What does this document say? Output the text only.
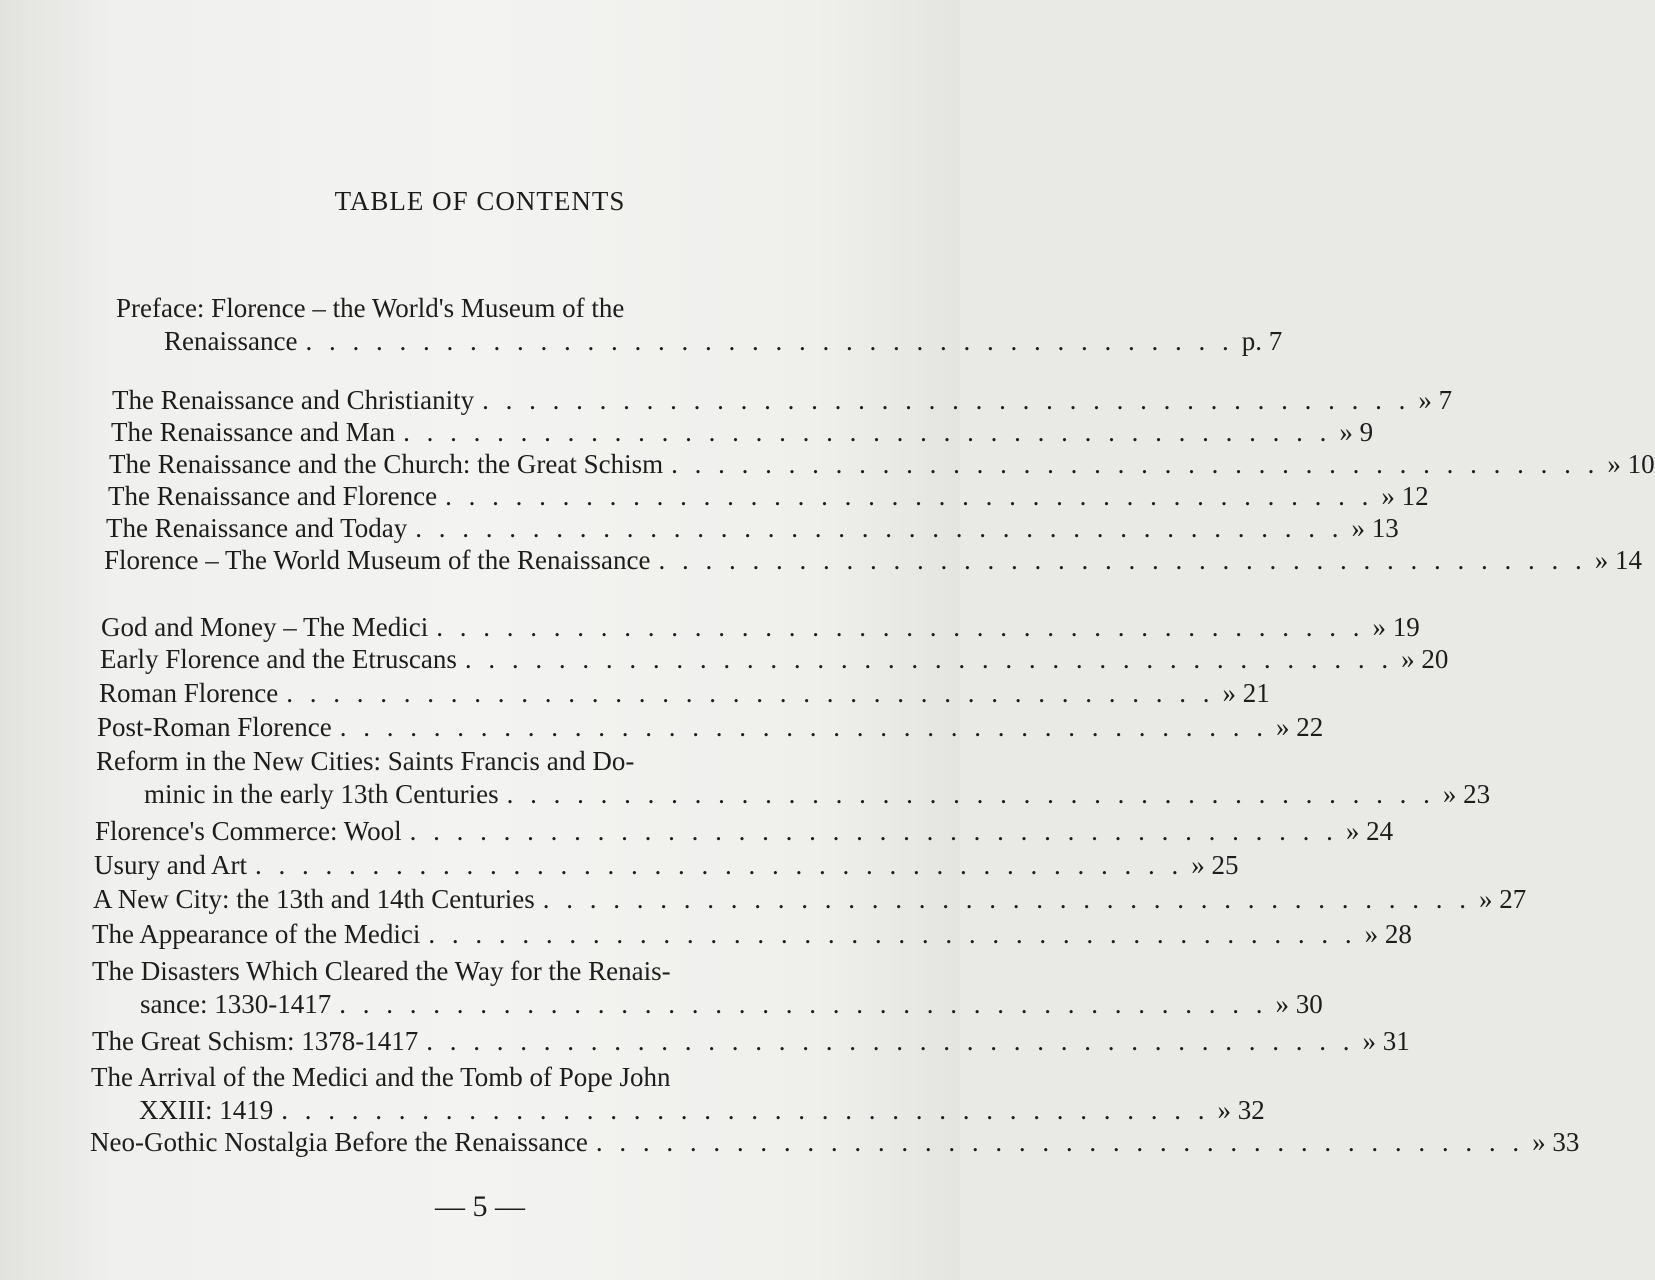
TABLE OF CONTENTS
Preface: Florence – the World's Museum of the
Renaissance . . . . . . . . . . . . . . . . . . . . . . . . . . . . . . . . . . . . . . . . p. 7
The Renaissance and Christianity . . . . . . . . . . . . . . . . . . . . . . . . . . . . . . . . . . . . . . . . » 7
The Renaissance and Man . . . . . . . . . . . . . . . . . . . . . . . . . . . . . . . . . . . . . . . . » 9
The Renaissance and the Church: the Great Schism . . . . . . . . . . . . . . . . . . . . . . . . . . . . . . . . . . . . . . . . » 10
The Renaissance and Florence . . . . . . . . . . . . . . . . . . . . . . . . . . . . . . . . . . . . . . . . » 12
The Renaissance and Today . . . . . . . . . . . . . . . . . . . . . . . . . . . . . . . . . . . . . . . . » 13
Florence – The World Museum of the Renaissance . . . . . . . . . . . . . . . . . . . . . . . . . . . . . . . . . . . . . . . . » 14
God and Money – The Medici . . . . . . . . . . . . . . . . . . . . . . . . . . . . . . . . . . . . . . . . » 19
Early Florence and the Etruscans . . . . . . . . . . . . . . . . . . . . . . . . . . . . . . . . . . . . . . . . » 20
Roman Florence . . . . . . . . . . . . . . . . . . . . . . . . . . . . . . . . . . . . . . . . » 21
Post-Roman Florence . . . . . . . . . . . . . . . . . . . . . . . . . . . . . . . . . . . . . . . . » 22
Reform in the New Cities: Saints Francis and Do-
minic in the early 13th Centuries . . . . . . . . . . . . . . . . . . . . . . . . . . . . . . . . . . . . . . . . » 23
Florence's Commerce: Wool . . . . . . . . . . . . . . . . . . . . . . . . . . . . . . . . . . . . . . . . » 24
Usury and Art . . . . . . . . . . . . . . . . . . . . . . . . . . . . . . . . . . . . . . . . » 25
A New City: the 13th and 14th Centuries . . . . . . . . . . . . . . . . . . . . . . . . . . . . . . . . . . . . . . . . » 27
The Appearance of the Medici . . . . . . . . . . . . . . . . . . . . . . . . . . . . . . . . . . . . . . . . » 28
The Disasters Which Cleared the Way for the Renais-
sance: 1330-1417 . . . . . . . . . . . . . . . . . . . . . . . . . . . . . . . . . . . . . . . . » 30
The Great Schism: 1378-1417 . . . . . . . . . . . . . . . . . . . . . . . . . . . . . . . . . . . . . . . . » 31
The Arrival of the Medici and the Tomb of Pope John
XXIII: 1419 . . . . . . . . . . . . . . . . . . . . . . . . . . . . . . . . . . . . . . . . » 32
Neo-Gothic Nostalgia Before the Renaissance . . . . . . . . . . . . . . . . . . . . . . . . . . . . . . . . . . . . . . . . » 33
— 5 —
